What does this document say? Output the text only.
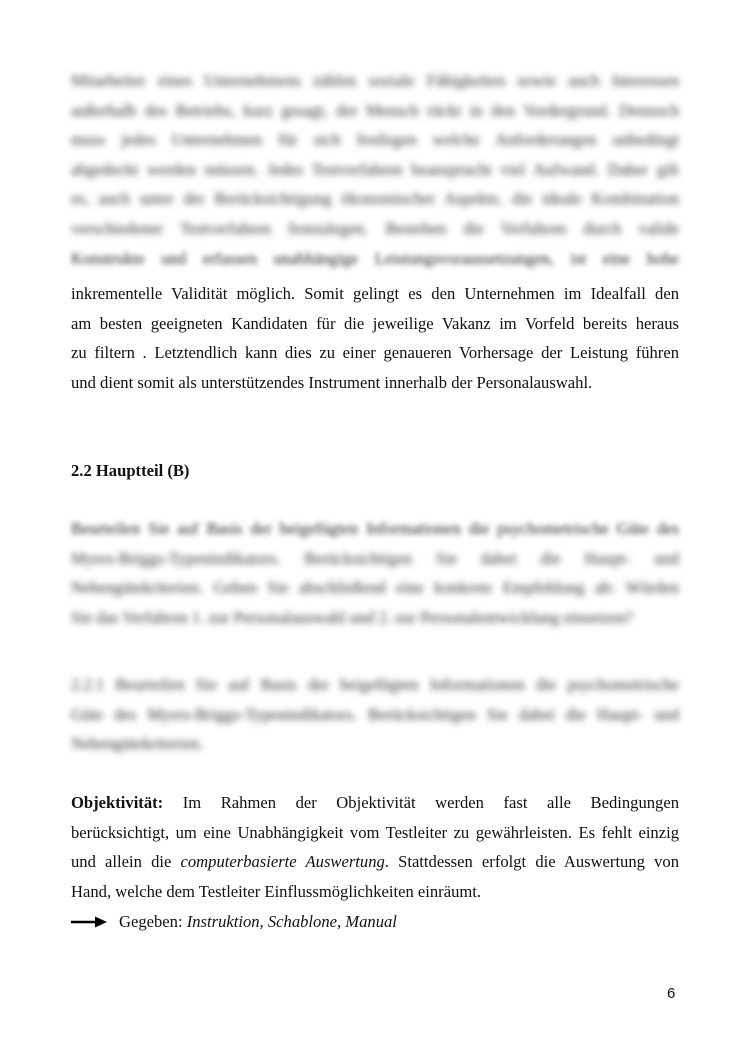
Mitarbeiter eines Unternehmens zählen soziale Fähigkeiten sowie auch Interessen
außerhalb des Betriebs, kurz gesagt, der Mensch rückt in den Vordergrund. Dennoch
muss jedes Unternehmen für sich festlegen welche Anforderungen unbedingt
abgedeckt werden müssen. Jedes Testverfahren beansprucht viel Aufwand. Daher gilt
es, auch unter der Berücksichtigung ökonomischer Aspekte, die ideale Kombination
verschiedener Testverfahren festzulegen. Bestehen die Verfahren durch valide
Konstrukte und erfassen unabhängige Leistungsvoraussetzungen, ist eine hohe
inkrementelle Validität möglich. Somit gelingt es den Unternehmen im Idealfall den
am besten geeigneten Kandidaten für die jeweilige Vakanz im Vorfeld bereits heraus
zu filtern . Letztendlich kann dies zu einer genaueren Vorhersage der Leistung führen
und dient somit als unterstützendes Instrument innerhalb der Personalauswahl.
2.2 Hauptteil (B)
Beurteilen Sie auf Basis der beigefügten Informationen die psychometrische Güte des
Myers-Briggs-Typenindikators. Berücksichtigen Sie dabei die Haupt- und
Nebengütekriterien. Geben Sie abschließend eine konkrete Empfehlung ab: Würden
Sie das Verfahren 1. zur Personalauswahl und 2. zur Personalentwicklung einsetzen?
2.2.1 Beurteilen Sie auf Basis der beigefügten Informationen die psychometrische
Güte des Myers-Briggs-Typenindikators. Berücksichtigen Sie dabei die Haupt- und
Nebengütekriterien.
Objektivität: Im Rahmen der Objektivität werden fast alle Bedingungen
berücksichtigt, um eine Unabhängigkeit vom Testleiter zu gewährleisten. Es fehlt einzig
und allein die computerbasierte Auswertung. Stattdessen erfolgt die Auswertung von
Hand, welche dem Testleiter Einflussmöglichkeiten einräumt.
Gegeben: Instruktion, Schablone, Manual
6
